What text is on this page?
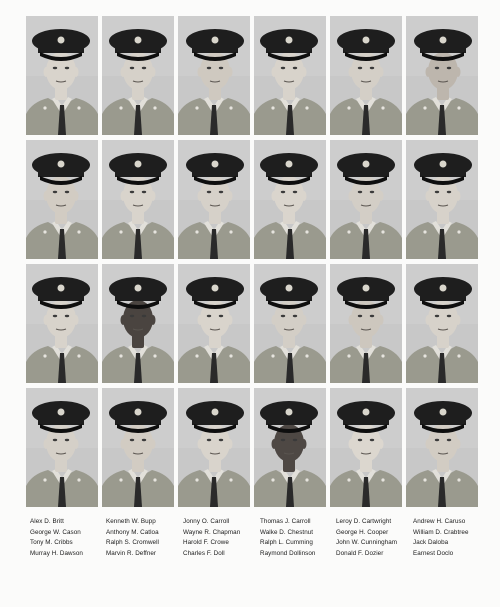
Alex D. Britt
George W. Cason
Tony M. Cribbs
Murray H. Dawson
Kenneth W. Bupp
Anthony M. Catloa
Ralph S. Cromwell
Marvin R. Deffner
Jonny O. Carroll
Wayne R. Chapman
Harold F. Crowe
Charles F. Doll
Thomas J. Carroll
Walke D. Chestnut
Ralph L. Cumming
Raymond Dollinson
Leroy D. Cartwright
George H. Cooper
John W. Cunningham
Donald F. Dozier
Andrew H. Caruso
William D. Crabtree
Jack Daloba
Earnest Doclo
